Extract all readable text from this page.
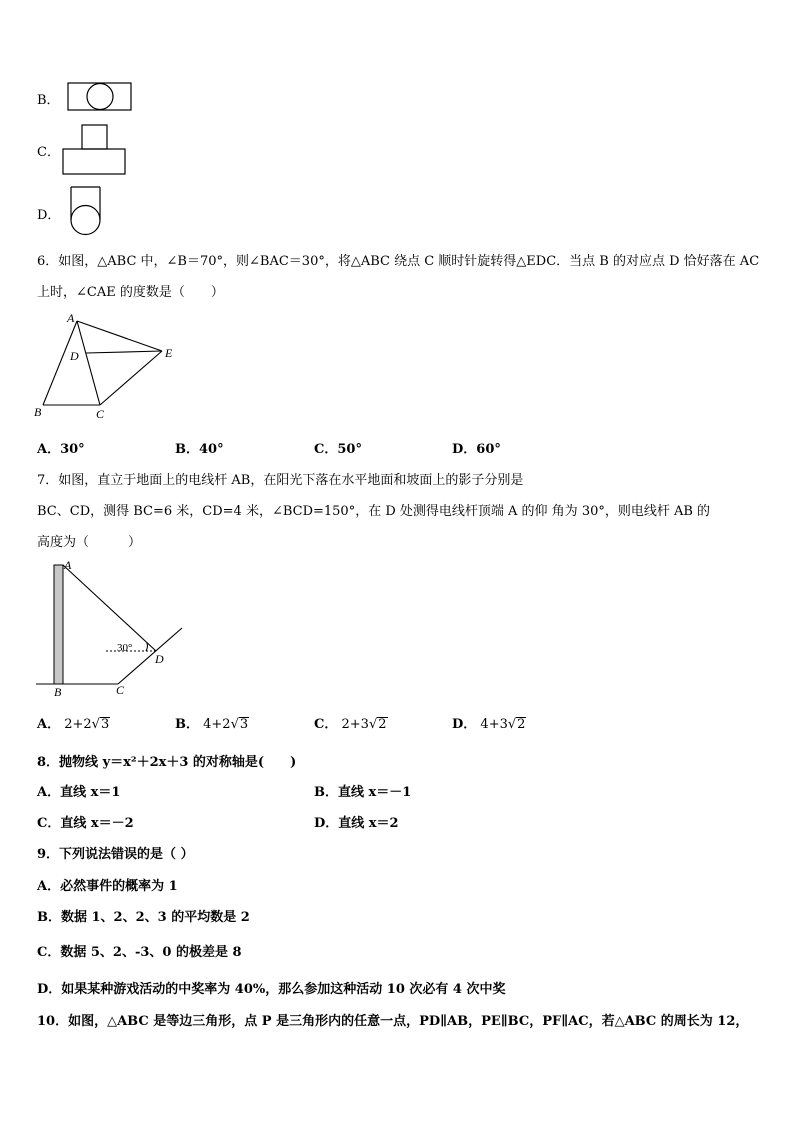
B．
C．
D．
6．如图，△ABC 中，∠B＝70°，则∠BAC＝30°，将△ABC 绕点 C 顺时针旋转得△EDC．当点 B 的对应点 D 恰好落在 AC
上时，∠CAE 的度数是（　　）
A
B	C
D	E
A．30°	B．40°	C．50°	D．60°
7．如图，直立于地面上的电线杆 AB，在阳光下落在水平地面和坡面上的影子分别是
BC、CD，测得 BC=6 米，CD=4 米，∠BCD=150°，在 D 处测得电线杆顶端 A 的仰 角为 30°，则电线杆 AB 的
高度为（　　　）
A
B	C
D
30°
A． 2+2√3	B． 4+2√3	C． 2+3√2	D． 4+3√2
8．抛物线 y＝x²＋2x＋3 的对称轴是(　　)
A．直线 x＝1	B．直线 x＝－1
C．直线 x＝－2	D．直线 x＝2
9．下列说法错误的是（ ）
A．必然事件的概率为 1
B．数据 1、2、2、3 的平均数是 2
C．数据 5、2、-3、0 的极差是 8
D．如果某种游戏活动的中奖率为 40%，那么参加这种活动 10 次必有 4 次中奖
10．如图，△ABC 是等边三角形，点 P 是三角形内的任意一点，PD∥AB，PE∥BC，PF∥AC，若△ABC 的周长为 12，
